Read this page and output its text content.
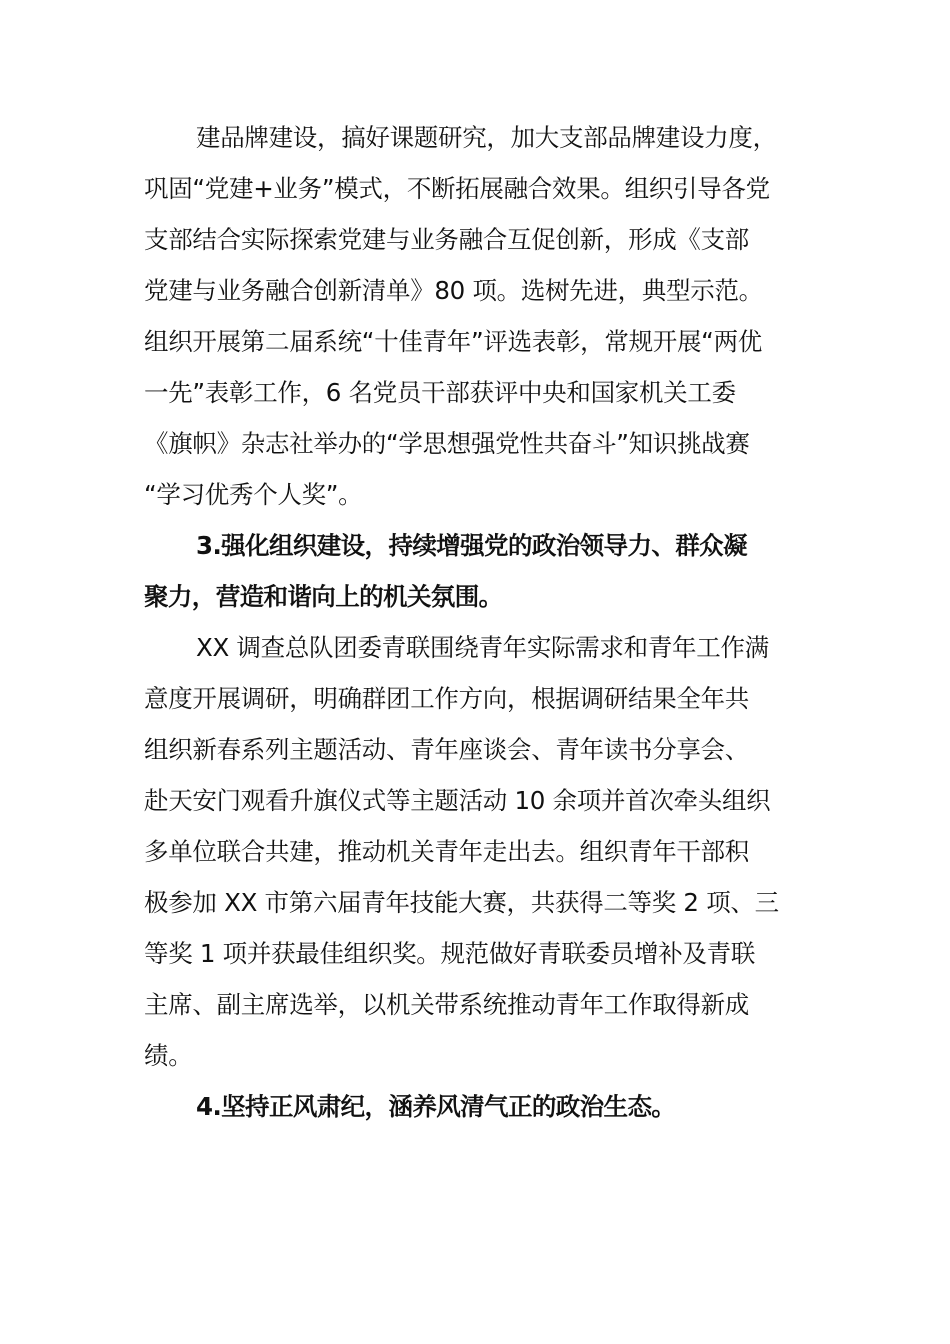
建品牌建设，搞好课题研究，加大支部品牌建设力度，
巩固“党建+业务”模式，不断拓展融合效果。组织引导各党
支部结合实际探索党建与业务融合互促创新，形成《支部
党建与业务融合创新清单》80 项。选树先进，典型示范。
组织开展第二届系统“十佳青年”评选表彰，常规开展“两优
一先”表彰工作，6 名党员干部获评中央和国家机关工委
《旗帜》杂志社举办的“学思想强党性共奋斗”知识挑战赛
“学习优秀个人奖”。
3.强化组织建设，持续增强党的政治领导力、群众凝
聚力，营造和谐向上的机关氛围。
XX 调查总队团委青联围绕青年实际需求和青年工作满
意度开展调研，明确群团工作方向，根据调研结果全年共
组织新春系列主题活动、青年座谈会、青年读书分享会、
赴天安门观看升旗仪式等主题活动 10 余项并首次牵头组织
多单位联合共建，推动机关青年走出去。组织青年干部积
极参加 XX 市第六届青年技能大赛，共获得二等奖 2 项、三
等奖 1 项并获最佳组织奖。规范做好青联委员增补及青联
主席、副主席选举，以机关带系统推动青年工作取得新成
绩。
4.坚持正风肃纪，涵养风清气正的政治生态。
